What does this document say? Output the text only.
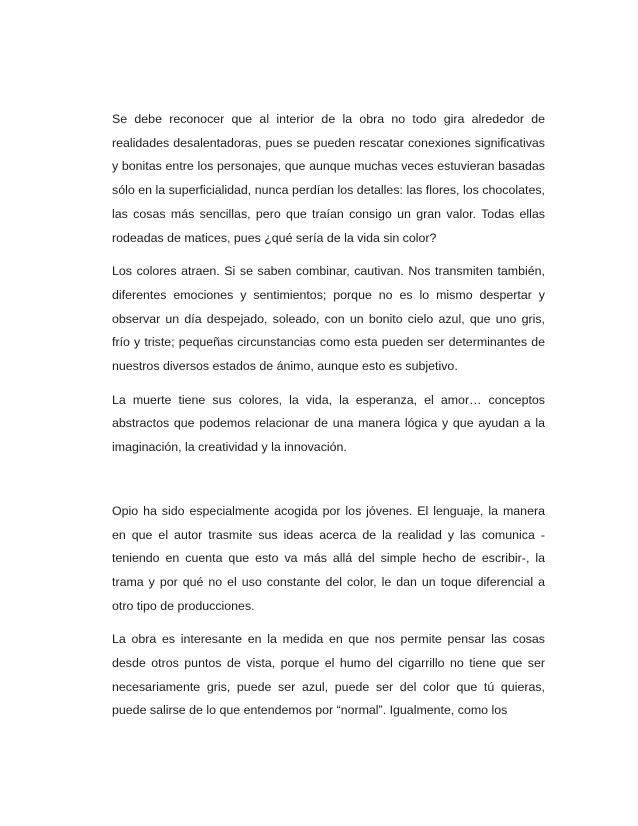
Se debe reconocer que al interior de la obra no todo gira alrededor de realidades desalentadoras, pues se pueden rescatar conexiones significativas y bonitas entre los personajes, que aunque muchas veces estuvieran basadas sólo en la superficialidad, nunca perdían los detalles: las flores, los chocolates, las cosas más sencillas, pero que traían consigo un gran valor. Todas ellas rodeadas de matices, pues ¿qué sería de la vida sin color?

Los colores atraen. Si se saben combinar, cautivan. Nos transmiten también, diferentes emociones y sentimientos; porque no es lo mismo despertar y observar un día despejado, soleado, con un bonito cielo azul, que uno gris, frío y triste; pequeñas circunstancias como esta pueden ser determinantes de nuestros diversos estados de ánimo, aunque esto es subjetivo.

La muerte tiene sus colores, la vida, la esperanza, el amor… conceptos abstractos que podemos relacionar de una manera lógica y que ayudan a la imaginación, la creatividad y la innovación.

Opio ha sido especialmente acogida por los jóvenes. El lenguaje, la manera en que el autor trasmite sus ideas acerca de la realidad y las comunica -teniendo en cuenta que esto va más allá del simple hecho de escribir-, la trama y por qué no el uso constante del color, le dan un toque diferencial a otro tipo de producciones.

La obra es interesante en la medida en que nos permite pensar las cosas desde otros puntos de vista, porque el humo del cigarrillo no tiene que ser necesariamente gris, puede ser azul, puede ser del color que tú quieras, puede salirse de lo que entendemos por “normal”. Igualmente, como los
